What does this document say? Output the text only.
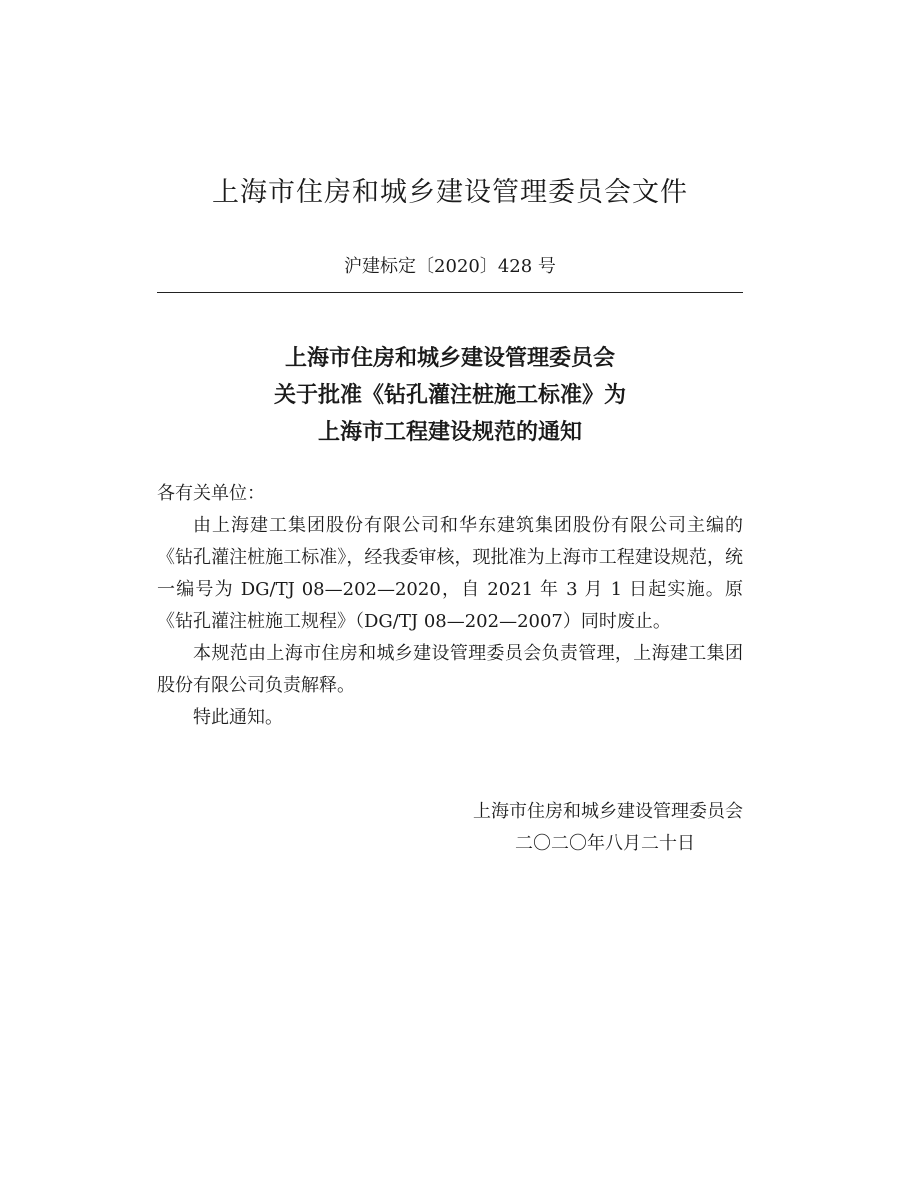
上海市住房和城乡建设管理委员会文件
沪建标定〔2020〕428 号
上海市住房和城乡建设管理委员会
关于批准《钻孔灌注桩施工标准》为
上海市工程建设规范的通知

各有关单位：

由上海建工集团股份有限公司和华东建筑集团股份有限公司主编的《钻孔灌注桩施工标准》，经我委审核，现批准为上海市工程建设规范，统一编号为 DG/TJ 08—202—2020，自 2021 年 3 月 1 日起实施。原《钻孔灌注桩施工规程》（DG/TJ 08—202—2007）同时废止。

本规范由上海市住房和城乡建设管理委员会负责管理，上海建工集团股份有限公司负责解释。

特此通知。

上海市住房和城乡建设管理委员会
二〇二〇年八月二十日
